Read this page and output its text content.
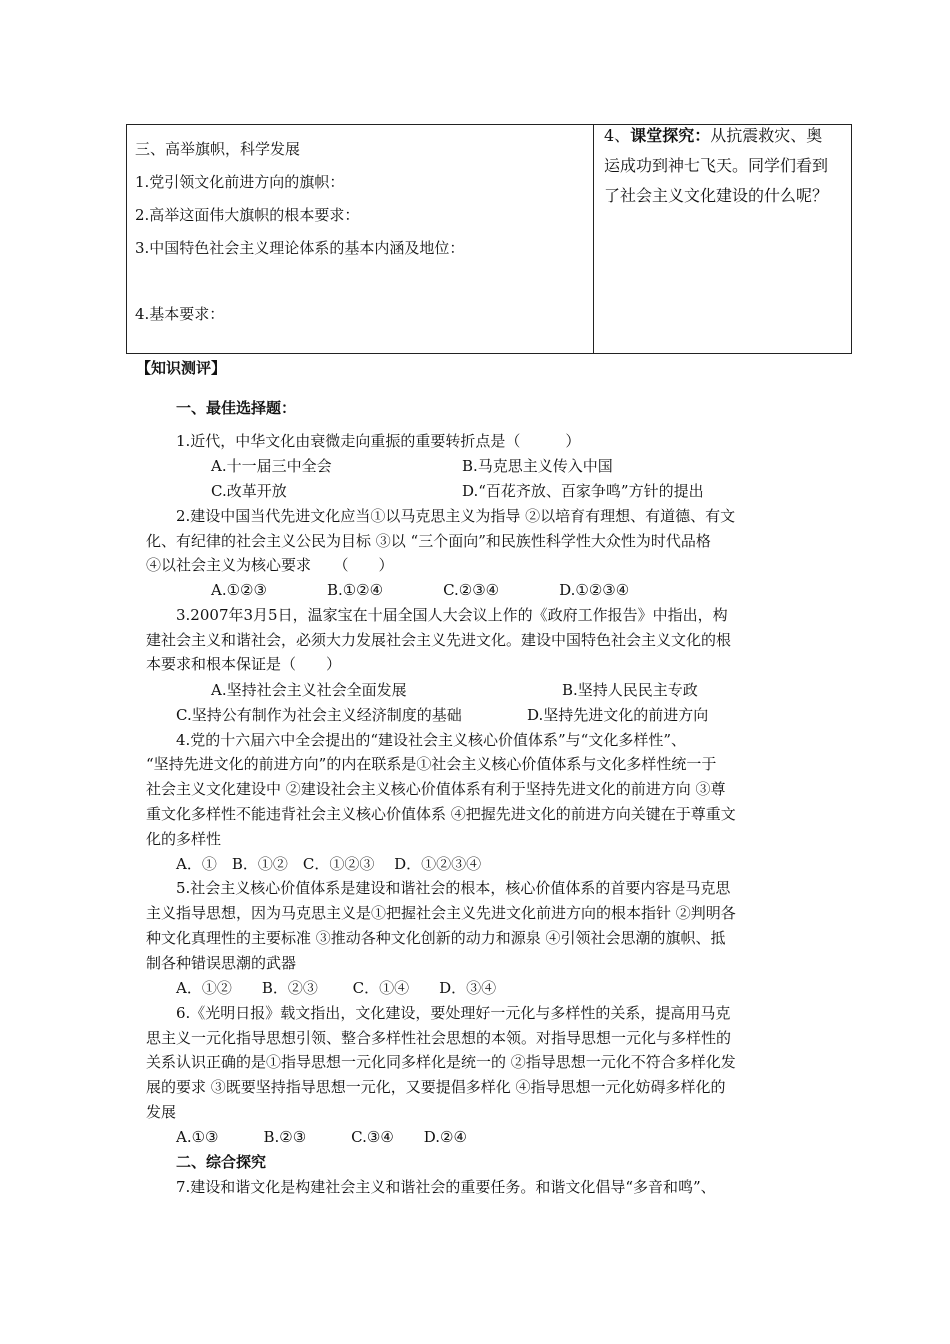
三、高举旗帜，科学发展
1.党引领文化前进方向的旗帜：
2.高举这面伟大旗帜的根本要求：
3.中国特色社会主义理论体系的基本内涵及地位：
4.基本要求：
4、课堂探究：从抗震救灾、奥
运成功到神七飞天。同学们看到
了社会主义文化建设的什么呢？
【知识测评】
一、最佳选择题：
1.近代，中华文化由衰微走向重振的重要转折点是（　　　）
A.十一届三中全会	B.马克思主义传入中国
C.改革开放	D.“百花齐放、百家争鸣”方针的提出
2.建设中国当代先进文化应当①以马克思主义为指导 ②以培育有理想、有道德、有文
化、有纪律的社会主义公民为目标 ③以 “三个面向”和民族性科学性大众性为时代品格
④以社会主义为核心要求　　（　　）
A.①②③　　　　B.①②④　　　　C.②③④　　　　D.①②③④
3.2007年3月5日，温家宝在十届全国人大会议上作的《政府工作报告》中指出，构
建社会主义和谐社会，必须大力发展社会主义先进文化。建设中国特色社会主义文化的根
本要求和根本保证是（　　）
A.坚持社会主义社会全面发展	B.坚持人民民主专政
C.坚持公有制作为社会主义经济制度的基础	D.坚持先进文化的前进方向
4.党的十六届六中全会提出的“建设社会主义核心价值体系”与“文化多样性”、
“坚持先进文化的前进方向”的内在联系是①社会主义核心价值体系与文化多样性统一于
社会主义文化建设中 ②建设社会主义核心价值体系有利于坚持先进文化的前进方向 ③尊
重文化多样性不能违背社会主义核心价值体系 ④把握先进文化的前进方向关键在于尊重文
化的多样性
A．①　B．①②　C．①②③　 D．①②③④
5.社会主义核心价值体系是建设和谐社会的根本，核心价值体系的首要内容是马克思
主义指导思想，因为马克思主义是①把握社会主义先进文化前进方向的根本指针 ②判明各
种文化真理性的主要标准 ③推动各种文化创新的动力和源泉 ④引领社会思潮的旗帜、抵
制各种错误思潮的武器
A．①②　　B．②③　　 C．①④　　D．③④
6.《光明日报》载文指出，文化建设，要处理好一元化与多样性的关系，提高用马克
思主义一元化指导思想引领、整合多样性社会思想的本领。对指导思想一元化与多样性的
关系认识正确的是①指导思想一元化同多样化是统一的 ②指导思想一元化不符合多样化发
展的要求 ③既要坚持指导思想一元化，又要提倡多样化 ④指导思想一元化妨碍多样化的
发展
A.①③　　　B.②③　　　C.③④　　D.②④
二、综合探究
7.建设和谐文化是构建社会主义和谐社会的重要任务。和谐文化倡导“多音和鸣”、
